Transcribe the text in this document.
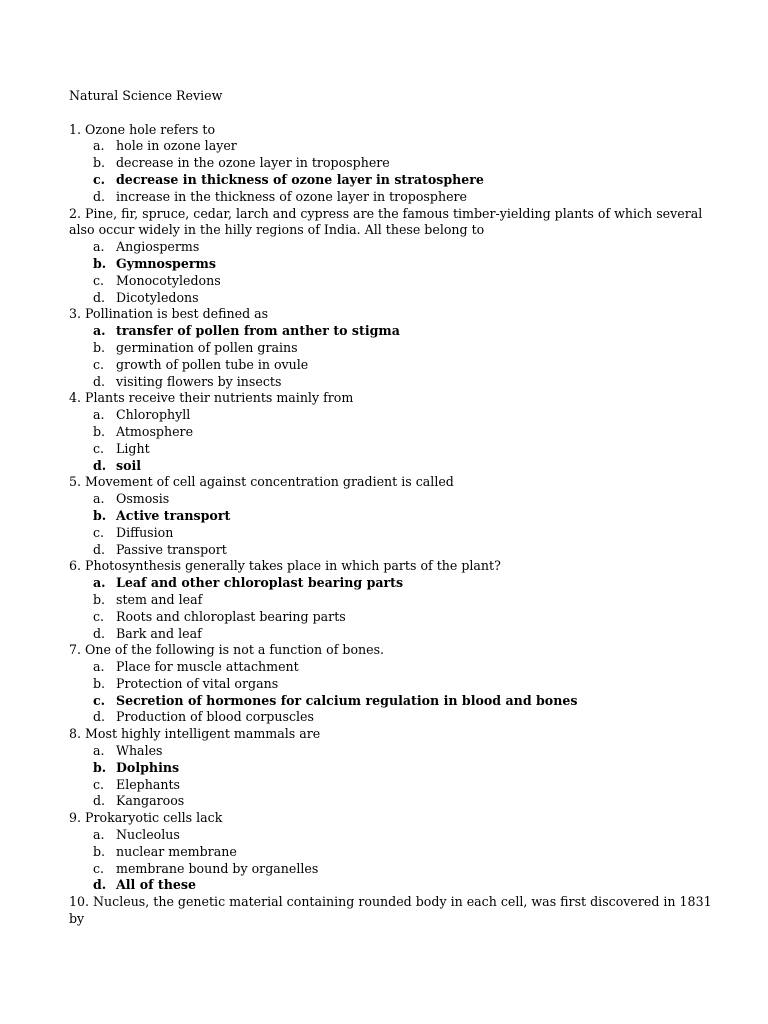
Natural Science Review
1. Ozone hole refers to
a. hole in ozone layer
b. decrease in the ozone layer in troposphere
c. decrease in thickness of ozone layer in stratosphere
d. increase in the thickness of ozone layer in troposphere
2. Pine, fir, spruce, cedar, larch and cypress are the famous timber-yielding plants of which several also occur widely in the hilly regions of India. All these belong to
a. Angiosperms
b. Gymnosperms
c. Monocotyledons
d. Dicotyledons
3. Pollination is best defined as
a. transfer of pollen from anther to stigma
b. germination of pollen grains
c. growth of pollen tube in ovule
d. visiting flowers by insects
4. Plants receive their nutrients mainly from
a. Chlorophyll
b. Atmosphere
c. Light
d. soil
5. Movement of cell against concentration gradient is called
a. Osmosis
b. Active transport
c. Diffusion
d. Passive transport
6. Photosynthesis generally takes place in which parts of the plant?
a. Leaf and other chloroplast bearing parts
b. stem and leaf
c. Roots and chloroplast bearing parts
d. Bark and leaf
7. One of the following is not a function of bones.
a. Place for muscle attachment
b. Protection of vital organs
c. Secretion of hormones for calcium regulation in blood and bones
d. Production of blood corpuscles
8. Most highly intelligent mammals are
a. Whales
b. Dolphins
c. Elephants
d. Kangaroos
9. Prokaryotic cells lack
a. Nucleolus
b. nuclear membrane
c. membrane bound by organelles
d. All of these
10. Nucleus, the genetic material containing rounded body in each cell, was first discovered in 1831 by
